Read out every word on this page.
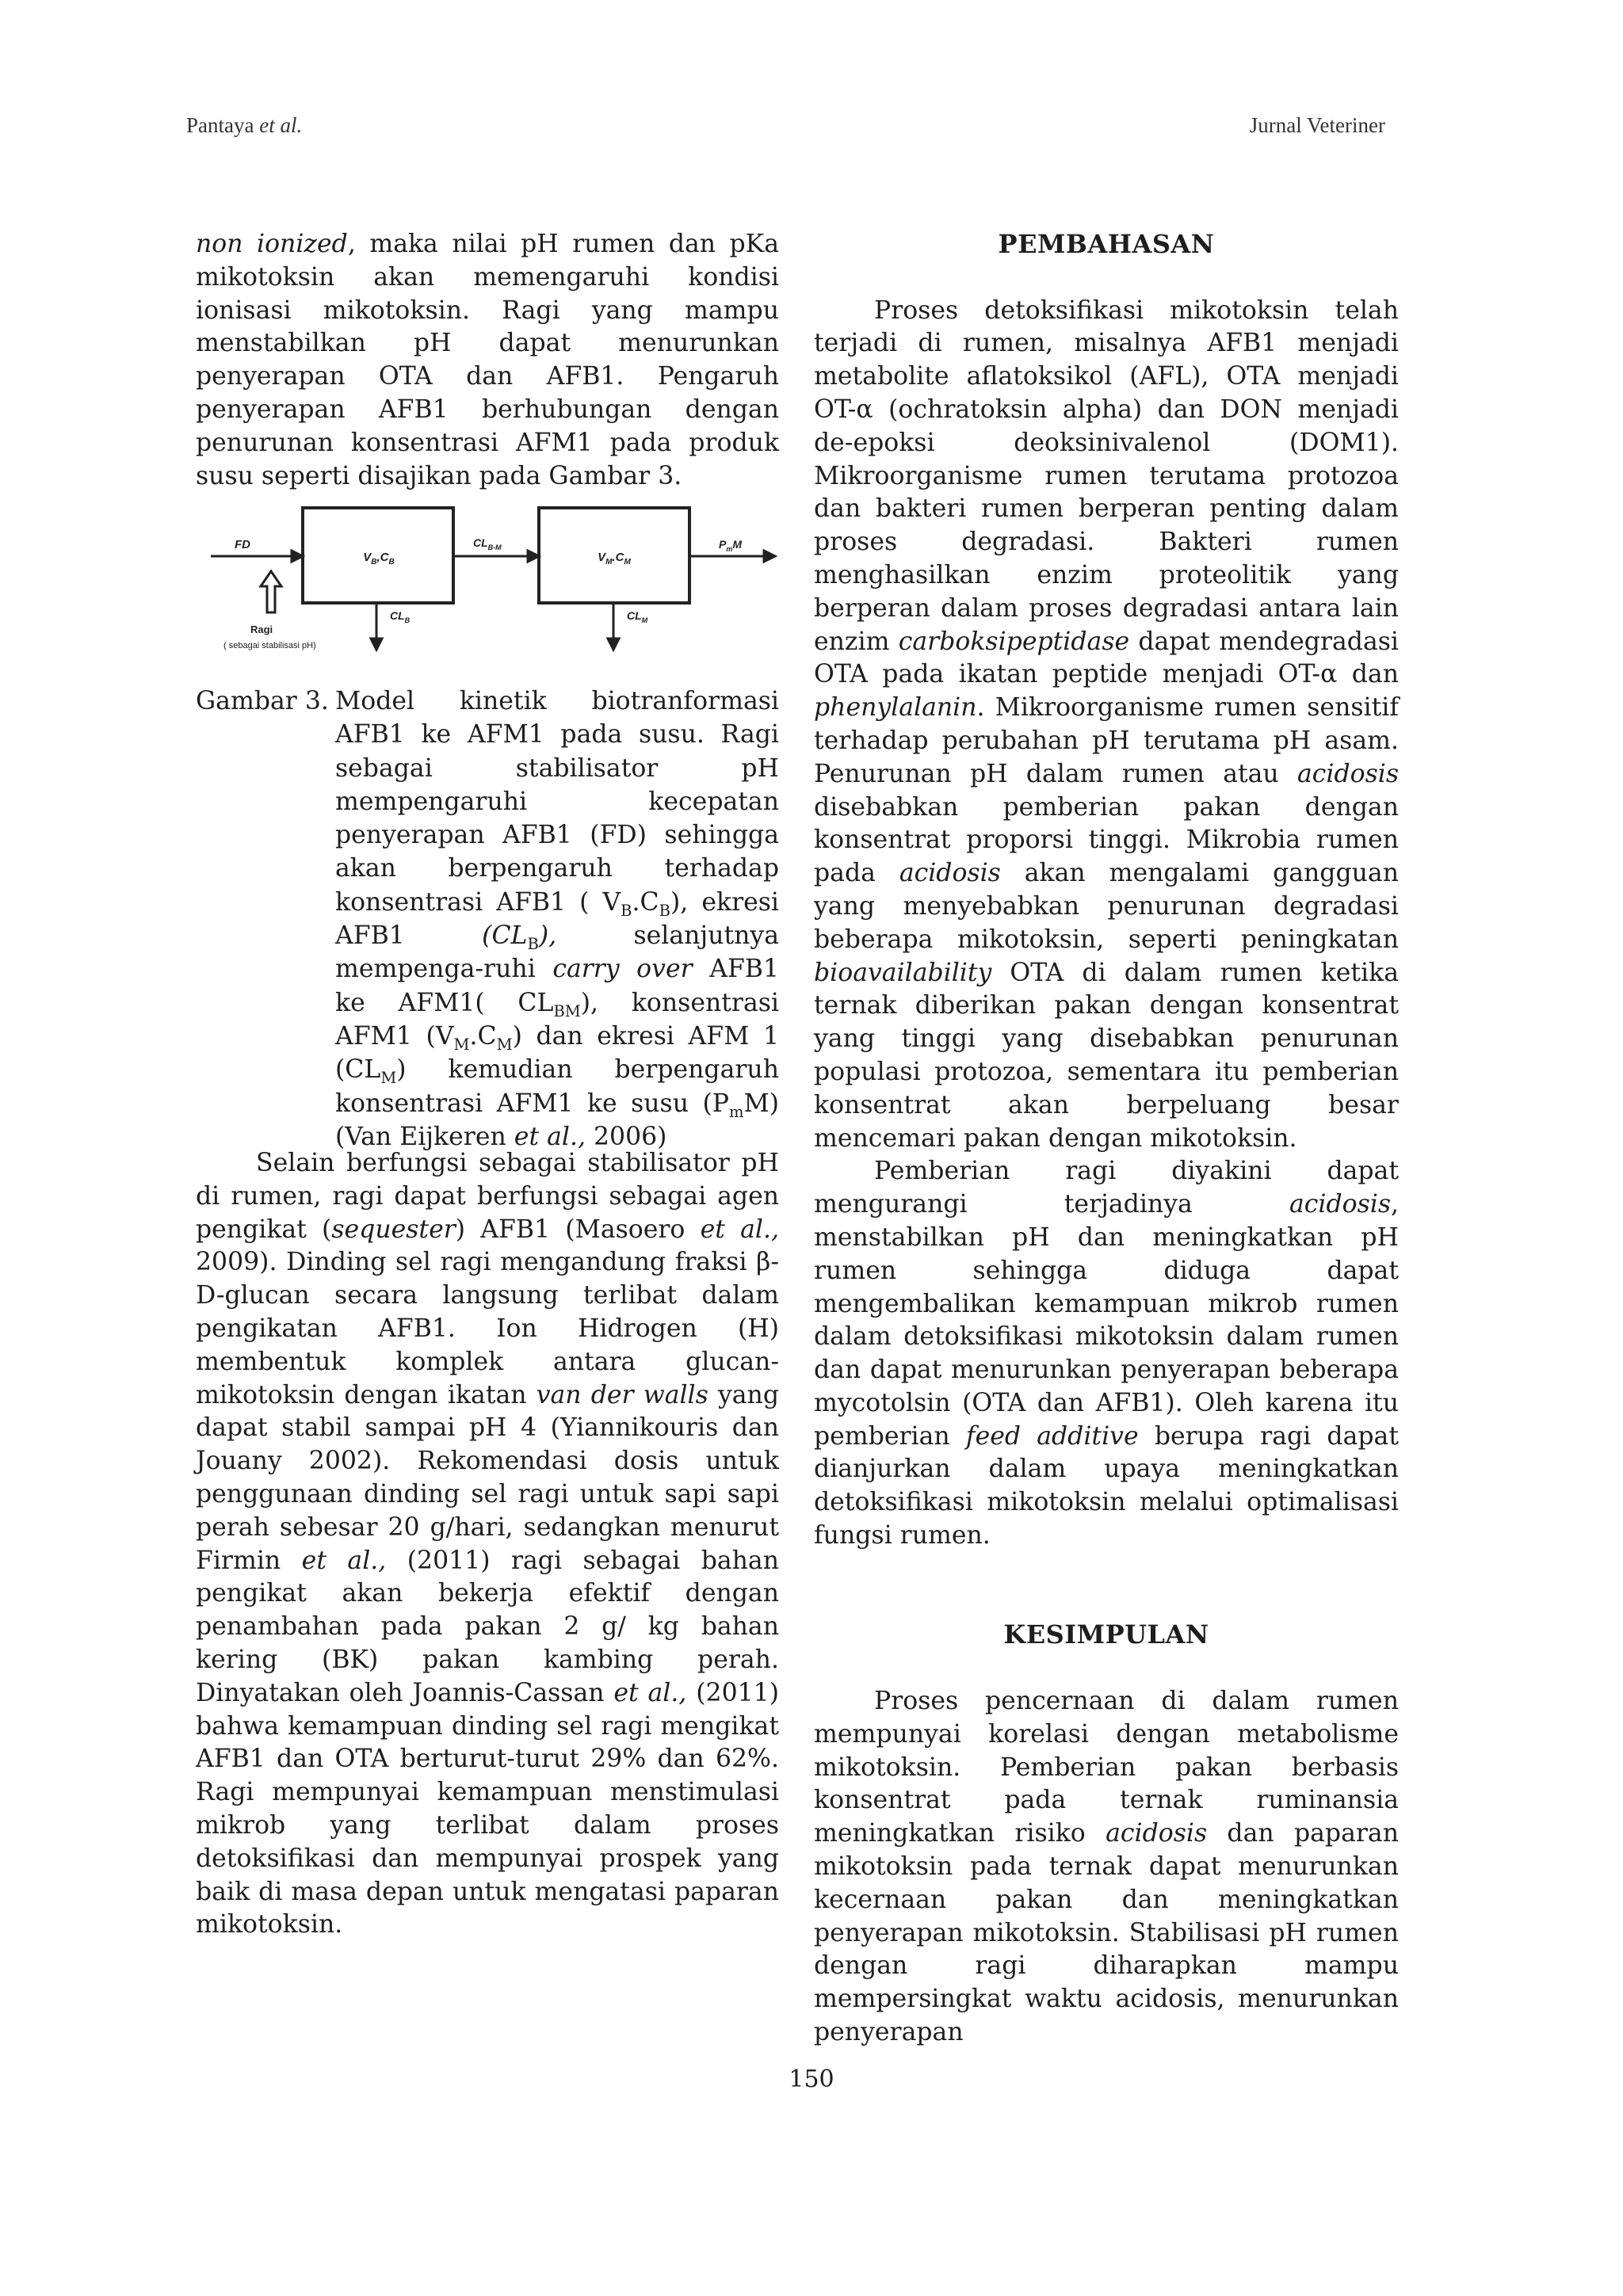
Pantaya et al.	Jurnal Veteriner

non ionized, maka nilai pH rumen dan pKa mikotoksin akan memengaruhi kondisi ionisasi mikotoksin. Ragi yang mampu menstabilkan pH dapat menurunkan penyerapan OTA dan AFB1. Pengaruh penyerapan AFB1 berhubungan dengan penurunan konsentrasi AFM1 pada produk susu seperti disajikan pada Gambar 3.

FD
$V_B,C_B$
$CL_{B-M}$
$V_M.C_M$
$P_mM$
$CL_B$	$CL_M$
Ragi
( sebagai stabilisasi pH)
Gambar 3. Model kinetik biotranformasi AFB1 ke AFM1 pada susu. Ragi sebagai stabilisator pH mempengaruhi kecepatan penyerapan AFB1 (FD) sehingga akan berpengaruh terhadap konsentrasi AFB1 ( $V_B.C_B$), ekresi AFB1 $(CL_B)$, selanjutnya mempenga-ruhi carry over AFB1 ke AFM1( $CL_{BM}$), konsentrasi AFM1 $(V_M.C_M)$ dan ekresi AFM 1 $(CL_M)$ kemudian berpengaruh konsentrasi AFM1 ke susu $(P_mM)$ (Van Eijkeren et al., 2006)

Selain berfungsi sebagai stabilisator pH di rumen, ragi dapat berfungsi sebagai agen pengikat (sequester) AFB1 (Masoero et al., 2009). Dinding sel ragi mengandung fraksi β-D-glucan secara langsung terlibat dalam pengikatan AFB1. Ion Hidrogen (H) membentuk komplek antara glucan-mikotoksin dengan ikatan van der walls yang dapat stabil sampai pH 4 (Yiannikouris dan Jouany 2002). Rekomendasi dosis untuk penggunaan dinding sel ragi untuk sapi sapi perah sebesar 20 g/hari, sedangkan menurut Firmin et al., (2011) ragi sebagai bahan pengikat akan bekerja efektif dengan penambahan pada pakan 2 g/ kg bahan kering (BK) pakan kambing perah. Dinyatakan oleh Joannis-Cassan et al., (2011) bahwa kemampuan dinding sel ragi mengikat AFB1 dan OTA berturut-turut 29% dan 62%. Ragi mempunyai kemampuan menstimulasi mikrob yang terlibat dalam proses detoksifikasi dan mempunyai prospek yang baik di masa depan untuk mengatasi paparan mikotoksin.

PEMBAHASAN

Proses detoksifikasi mikotoksin telah terjadi di rumen, misalnya AFB1 menjadi metabolite aflatoksikol (AFL), OTA menjadi OT-α (ochratoksin alpha) dan DON menjadi de-epoksi deoksinivalenol (DOM1). Mikroorganisme rumen terutama protozoa dan bakteri rumen berperan penting dalam proses degradasi. Bakteri rumen menghasilkan enzim proteolitik yang berperan dalam proses degradasi antara lain enzim carboksipeptidase dapat mendegradasi OTA pada ikatan peptide menjadi OT-α dan phenylalanin. Mikroorganisme rumen sensitif terhadap perubahan pH terutama pH asam. Penurunan pH dalam rumen atau acidosis disebabkan pemberian pakan dengan konsentrat proporsi tinggi. Mikrobia rumen pada acidosis akan mengalami gangguan yang menyebabkan penurunan degradasi beberapa mikotoksin, seperti peningkatan bioavailability OTA di dalam rumen ketika ternak diberikan pakan dengan konsentrat yang tinggi yang disebabkan penurunan populasi protozoa, sementara itu pemberian konsentrat akan berpeluang besar mencemari pakan dengan mikotoksin.

Pemberian ragi diyakini dapat mengurangi terjadinya acidosis, menstabilkan pH dan meningkatkan pH rumen sehingga diduga dapat mengembalikan kemampuan mikrob rumen dalam detoksifikasi mikotoksin dalam rumen dan dapat menurunkan penyerapan beberapa mycotolsin (OTA dan AFB1). Oleh karena itu pemberian feed additive berupa ragi dapat dianjurkan dalam upaya meningkatkan detoksifikasi mikotoksin melalui optimalisasi fungsi rumen.

KESIMPULAN

Proses pencernaan di dalam rumen mempunyai korelasi dengan metabolisme mikotoksin. Pemberian pakan berbasis konsentrat pada ternak ruminansia meningkatkan risiko acidosis dan paparan mikotoksin pada ternak dapat menurunkan kecernaan pakan dan meningkatkan penyerapan mikotoksin. Stabilisasi pH rumen dengan ragi diharapkan mampu mempersingkat waktu acidosis, menurunkan penyerapan

150
